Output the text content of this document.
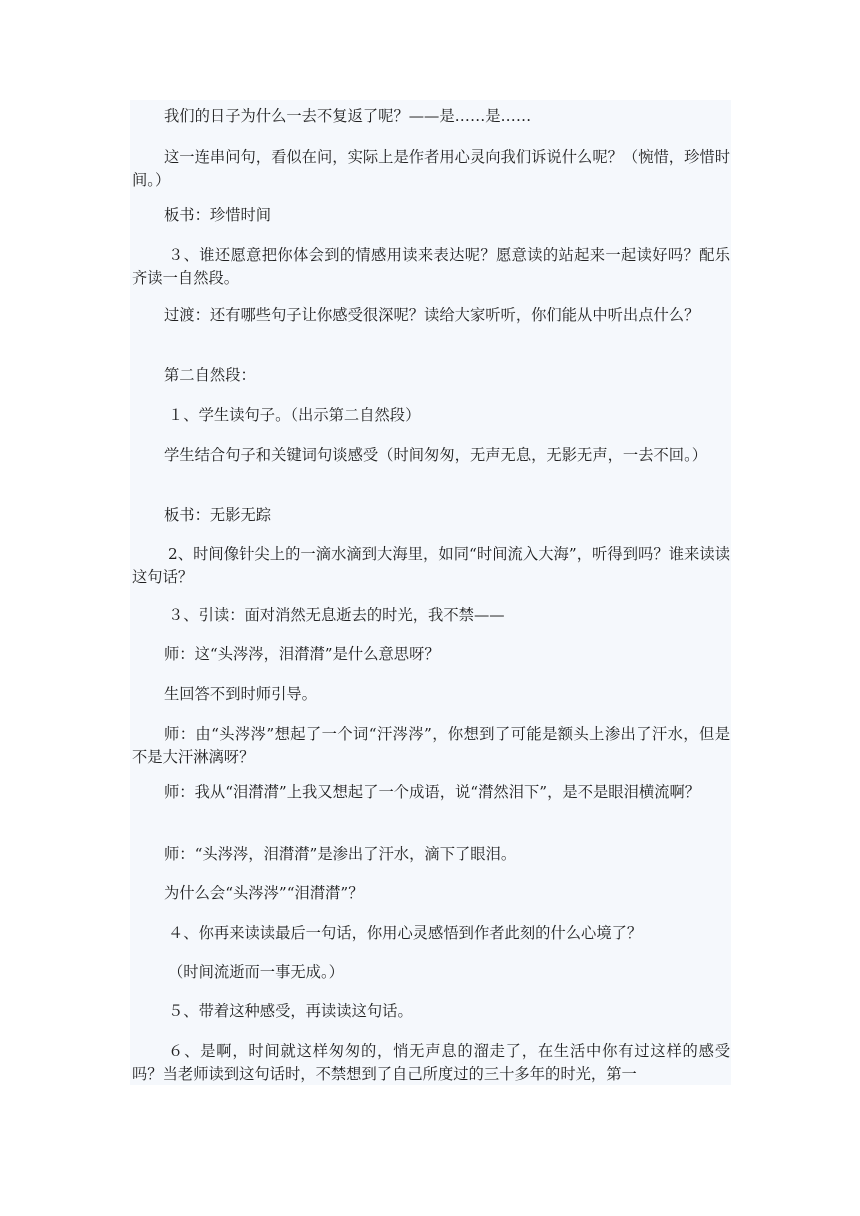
我们的日子为什么一去不复返了呢？——是……是……

这一连串问句，看似在问，实际上是作者用心灵向我们诉说什么呢？（惋惜，珍惜时间。）

板书：珍惜时间

３、谁还愿意把你体会到的情感用读来表达呢？愿意读的站起来一起读好吗？配乐齐读一自然段。

过渡：还有哪些句子让你感受很深呢？读给大家听听，你们能从中听出点什么？

第二自然段：

１、学生读句子。（出示第二自然段）

学生结合句子和关键词句谈感受（时间匆匆，无声无息，无影无声，一去不回。）

板书：无影无踪

2、时间像针尖上的一滴水滴到大海里，如同“时间流入大海”，听得到吗？谁来读读这句话？

３、引读：面对消然无息逝去的时光，我不禁——

师：这“头涔涔，泪潸潸”是什么意思呀？

生回答不到时师引导。

师：由“头涔涔”想起了一个词“汗涔涔”，你想到了可能是额头上渗出了汗水，但是不是大汗淋漓呀？

师：我从“泪潸潸”上我又想起了一个成语，说“潸然泪下”，是不是眼泪横流啊？

师：“头涔涔，泪潸潸”是渗出了汗水，滴下了眼泪。

为什么会“头涔涔”“泪潸潸”？

４、你再来读读最后一句话，你用心灵感悟到作者此刻的什么心境了？

（时间流逝而一事无成。）

５、带着这种感受，再读读这句话。

６、是啊，时间就这样匆匆的，悄无声息的溜走了，在生活中你有过这样的感受吗？当老师读到这句话时，不禁想到了自己所度过的三十多年的时光，第一
